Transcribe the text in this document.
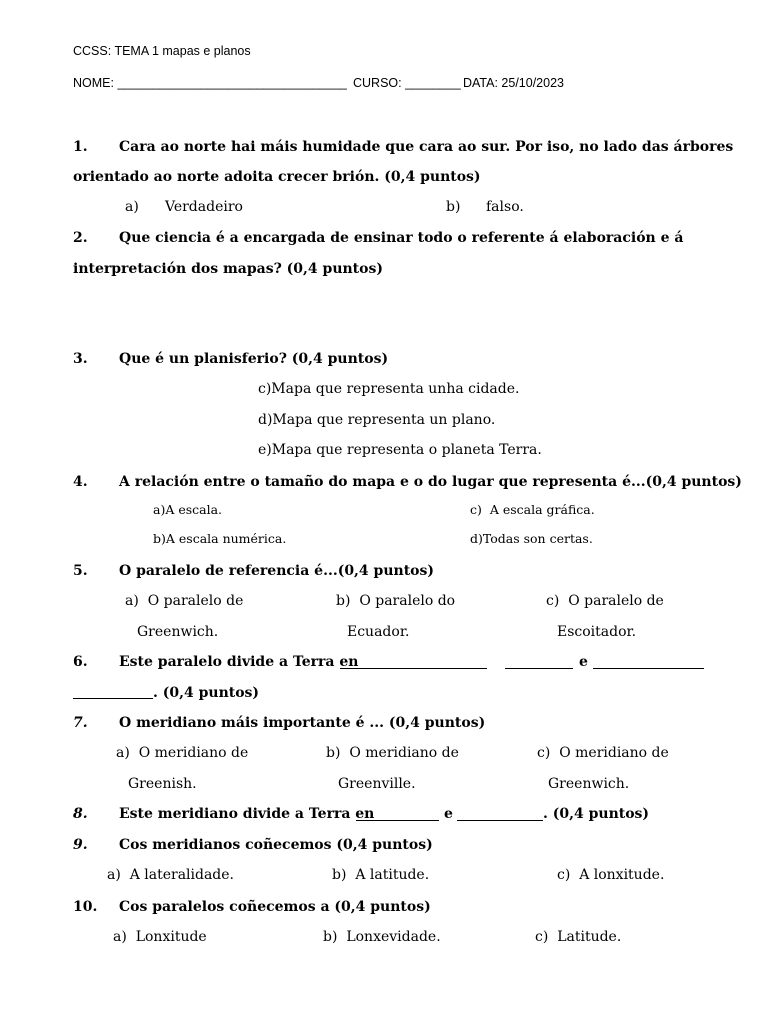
CCSS: TEMA 1 mapas e planos
NOME: _________________________________ CURSO: ________ DATA: 25/10/2023
1. Cara ao norte hai máis humidade que cara ao sur. Por iso, no lado das árbores
orientado ao norte adoita crecer brión. (0,4 puntos)
a) Verdadeiro	b) falso.
2. Que ciencia é a encargada de ensinar todo o referente á elaboración e á
interpretación dos mapas? (0,4 puntos)
3. Que é un planisferio? (0,4 puntos)
c)Mapa que representa unha cidade.
d)Mapa que representa un plano.
e)Mapa que representa o planeta Terra.
4. A relación entre o tamaño do mapa e o do lugar que representa é...(0,4 puntos)
a)A escala.	c)  A escala gráfica.
b)A escala numérica.	d)Todas son certas.
5. O paralelo de referencia é...(0,4 puntos)
a)  O paralelo de
Greenwich.
b)  O paralelo do
Ecuador.
c)  O paralelo de
Escoitador.
6. Este paralelo divide a Terra en	e
. (0,4 puntos)
7. O meridiano máis importante é ... (0,4 puntos)
a)  O meridiano de
Greenish.
b)  O meridiano de
Greenville.
c)  O meridiano de
Greenwich.
8. Este meridiano divide a Terra en	e	. (0,4 puntos)
9. Cos meridianos coñecemos (0,4 puntos)
a)  A lateralidade.	b)  A latitude.	c)  A lonxitude.
10. Cos paralelos coñecemos a (0,4 puntos)
a)  Lonxitude	b)  Lonxevidade.	c)  Latitude.
